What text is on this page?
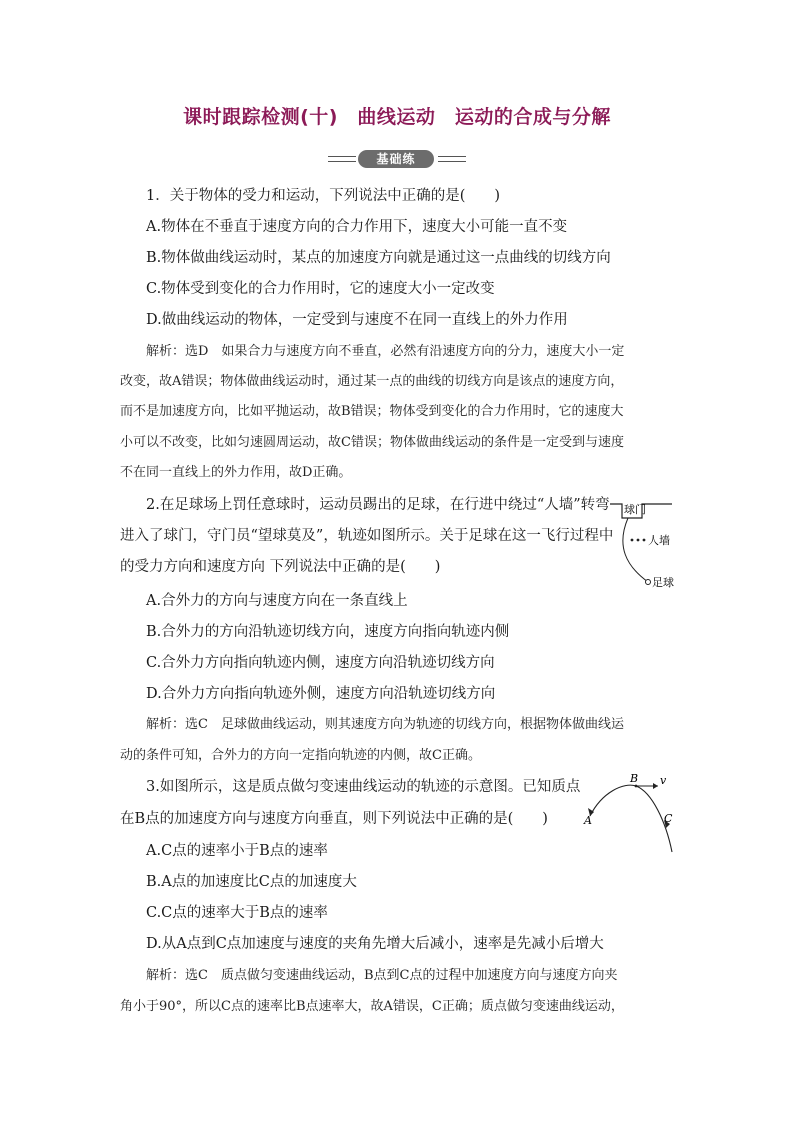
课时跟踪检测(十)　曲线运动　运动的合成与分解
基础练
1．关于物体的受力和运动，下列说法中正确的是(　　)
A.物体在不垂直于速度方向的合力作用下，速度大小可能一直不变
B.物体做曲线运动时，某点的加速度方向就是通过这一点曲线的切线方向
C.物体受到变化的合力作用时，它的速度大小一定改变
D.做曲线运动的物体，一定受到与速度不在同一直线上的外力作用
解析：选D　如果合力与速度方向不垂直，必然有沿速度方向的分力，速度大小一定
改变，故A错误；物体做曲线运动时，通过某一点的曲线的切线方向是该点的速度方向，
而不是加速度方向，比如平抛运动，故B错误；物体受到变化的合力作用时，它的速度大
小可以不改变，比如匀速圆周运动，故C错误；物体做曲线运动的条件是一定受到与速度
不在同一直线上的外力作用，故D正确。
2.在足球场上罚任意球时，运动员踢出的足球，在行进中绕过“人墙”转弯
进入了球门，守门员“望球莫及”，轨迹如图所示。关于足球在这一飞行过程中
的受力方向和速度方向 下列说法中正确的是(　　)
球门
人墙
足球
A.合外力的方向与速度方向在一条直线上
B.合外力的方向沿轨迹切线方向，速度方向指向轨迹内侧
C.合外力方向指向轨迹内侧，速度方向沿轨迹切线方向
D.合外力方向指向轨迹外侧，速度方向沿轨迹切线方向
解析：选C　足球做曲线运动，则其速度方向为轨迹的切线方向，根据物体做曲线运
动的条件可知，合外力的方向一定指向轨迹的内侧，故C正确。
3.如图所示，这是质点做匀变速曲线运动的轨迹的示意图。已知质点
在B点的加速度方向与速度方向垂直，则下列说法中正确的是(　　)	A
B v
C
A.C点的速率小于B点的速率
B.A点的加速度比C点的加速度大
C.C点的速率大于B点的速率
D.从A点到C点加速度与速度的夹角先增大后减小，速率是先减小后增大
解析：选C　质点做匀变速曲线运动，B点到C点的过程中加速度方向与速度方向夹
角小于90°，所以C点的速率比B点速率大，故A错误，C正确；质点做匀变速曲线运动，
